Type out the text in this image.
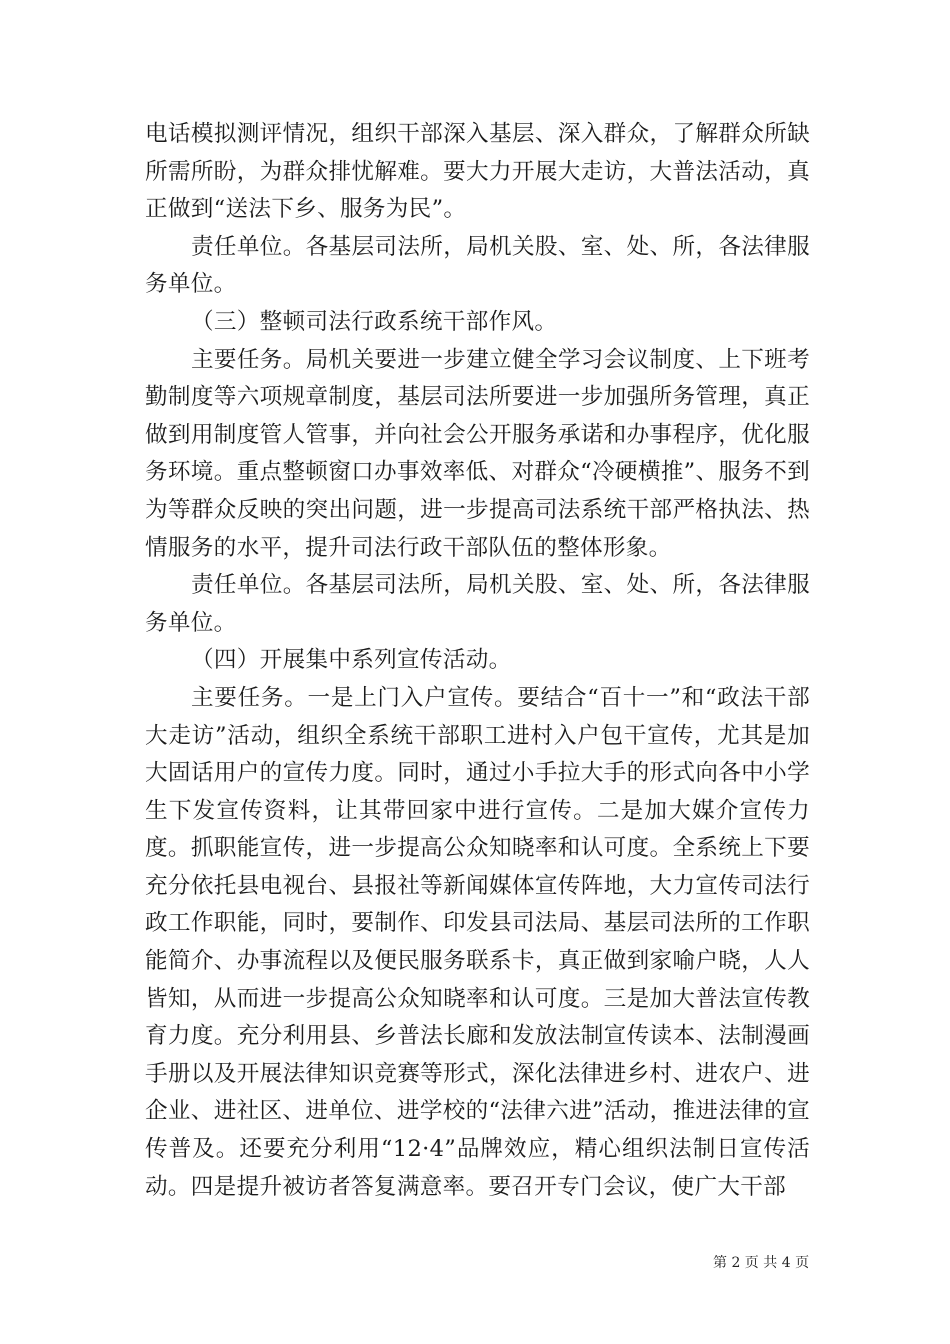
电话模拟测评情况，组织干部深入基层、深入群众，了解群众所缺所需所盼，为群众排忧解难。要大力开展大走访，大普法活动，真正做到“送法下乡、服务为民”。

责任单位。各基层司法所，局机关股、室、处、所，各法律服务单位。

（三）整顿司法行政系统干部作风。

主要任务。局机关要进一步建立健全学习会议制度、上下班考勤制度等六项规章制度，基层司法所要进一步加强所务管理，真正做到用制度管人管事，并向社会公开服务承诺和办事程序，优化服务环境。重点整顿窗口办事效率低、对群众“冷硬横推”、服务不到为等群众反映的突出问题，进一步提高司法系统干部严格执法、热情服务的水平，提升司法行政干部队伍的整体形象。

责任单位。各基层司法所，局机关股、室、处、所，各法律服务单位。

（四）开展集中系列宣传活动。

主要任务。一是上门入户宣传。要结合“百十一”和“政法干部大走访”活动，组织全系统干部职工进村入户包干宣传，尤其是加大固话用户的宣传力度。同时，通过小手拉大手的形式向各中小学生下发宣传资料，让其带回家中进行宣传。二是加大媒介宣传力度。抓职能宣传，进一步提高公众知晓率和认可度。全系统上下要充分依托县电视台、县报社等新闻媒体宣传阵地，大力宣传司法行政工作职能，同时，要制作、印发县司法局、基层司法所的工作职能简介、办事流程以及便民服务联系卡，真正做到家喻户晓，人人皆知，从而进一步提高公众知晓率和认可度。三是加大普法宣传教育力度。充分利用县、乡普法长廊和发放法制宣传读本、法制漫画手册以及开展法律知识竞赛等形式，深化法律进乡村、进农户、进企业、进社区、进单位、进学校的“法律六进”活动，推进法律的宣传普及。还要充分利用“12·4”品牌效应，精心组织法制日宣传活动。四是提升被访者答复满意率。要召开专门会议，使广大干部

第 2 页 共 4 页
